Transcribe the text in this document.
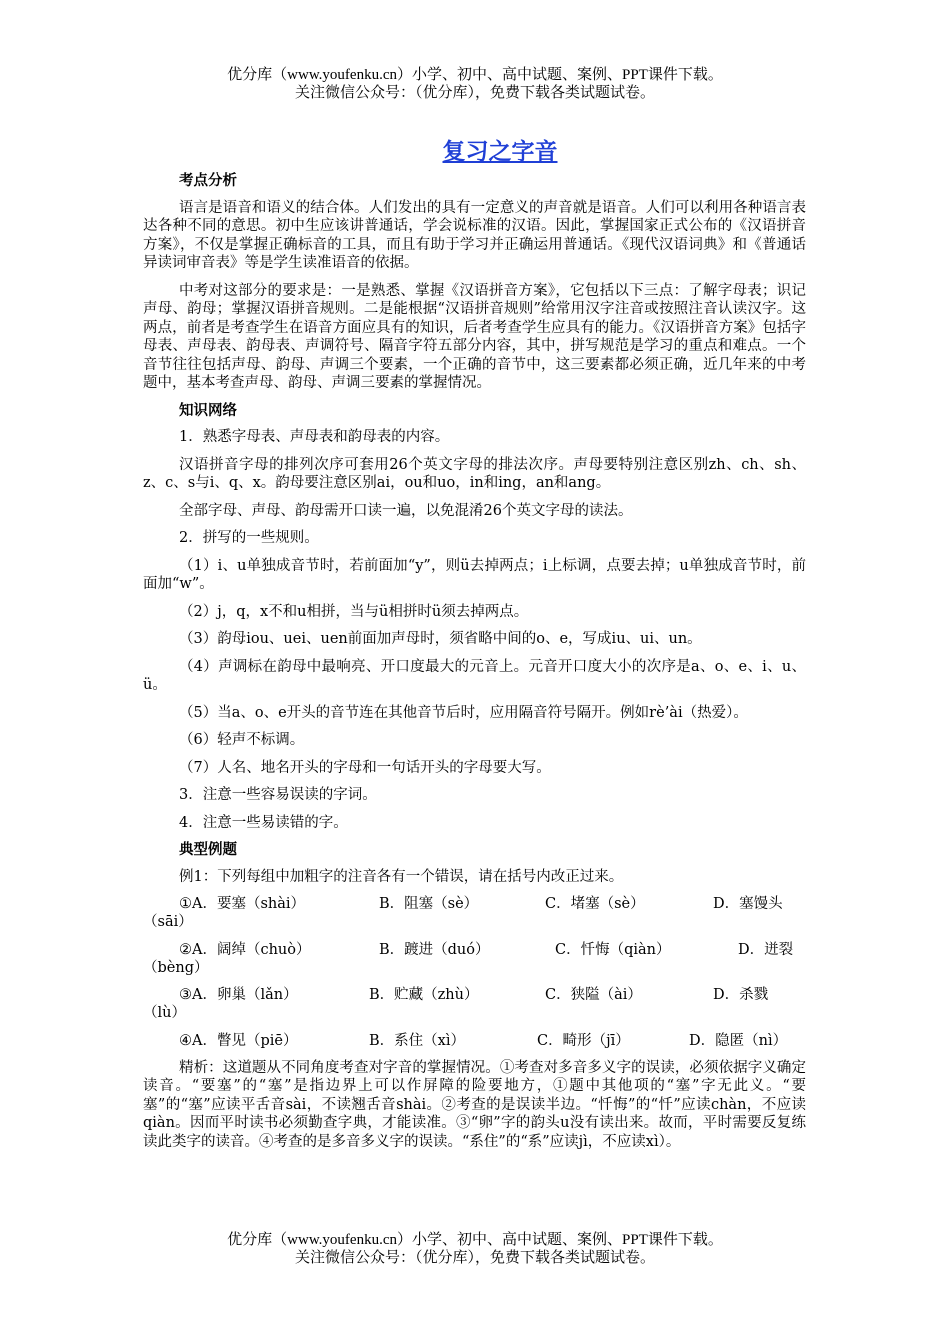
优分库（www.youfenku.cn）小学、初中、高中试题、案例、PPT课件下载。
关注微信公众号：（优分库），免费下载各类试题试卷。
复习之字音
考点分析
语言是语音和语义的结合体。人们发出的具有一定意义的声音就是语音。人们可以利用各种语言表达各种不同的意思。初中生应该讲普通话，学会说标准的汉语。因此，掌握国家正式公布的《汉语拼音方案》，不仅是掌握正确标音的工具，而且有助于学习并正确运用普通话。《现代汉语词典》和《普通话异读词审音表》等是学生读准语音的依据。
中考对这部分的要求是：一是熟悉、掌握《汉语拼音方案》，它包括以下三点：了解字母表；识记声母、韵母；掌握汉语拼音规则。二是能根据“汉语拼音规则”给常用汉字注音或按照注音认读汉字。这两点，前者是考查学生在语音方面应具有的知识，后者考查学生应具有的能力。《汉语拼音方案》包括字母表、声母表、韵母表、声调符号、隔音字符五部分内容，其中，拼写规范是学习的重点和难点。一个音节往往包括声母、韵母、声调三个要素，一个正确的音节中，这三要素都必须正确，近几年来的中考题中，基本考查声母、韵母、声调三要素的掌握情况。
知识网络
1．熟悉字母表、声母表和韵母表的内容。
汉语拼音字母的排列次序可套用26个英文字母的排法次序。声母要特别注意区别zh、ch、sh、z、c、s与i、q、x。韵母要注意区别ai，ou和uo，in和ing，an和ang。
全部字母、声母、韵母需开口读一遍，以免混淆26个英文字母的读法。
2．拼写的一些规则。
（1）i、u单独成音节时，若前面加“y”，则ü去掉两点；i上标调，点要去掉；u单独成音节时，前面加“w”。
（2）j，q，x不和u相拼，当与ü相拼时ü须去掉两点。
（3）韵母iou、uei、uen前面加声母时，须省略中间的o、e，写成iu、ui、un。
（4）声调标在韵母中最响亮、开口度最大的元音上。元音开口度大小的次序是a、o、e、i、u、ü。
（5）当a、o、e开头的音节连在其他音节后时，应用隔音符号隔开。例如rè’ài（热爱）。
（6）轻声不标调。
（7）人名、地名开头的字母和一句话开头的字母要大写。
3．注意一些容易误读的字词。
4．注意一些易读错的字。
典型例题
例1：下列每组中加粗字的注音各有一个错误，请在括号内改正过来。
①A．要塞（shài）	B．阻塞（sè）	C．堵塞（sè）	D．塞馒头
（sāi）
②A．阔绰（chuò）	B．踱进（duó）	C．忏悔（qiàn）	D．迸裂
（bèng）
③A．卵巢（lǎn）	B．贮藏（zhù）	C．狭隘（ài）	D．杀戮
（lù）
④A．瞥见（piē）	B．系住（xì）	C．畸形（jī）	D．隐匿（nì）
精析：这道题从不同角度考查对字音的掌握情况。①考查对多音多义字的误读，必须依据字义确定读音。“要塞”的“塞”是指边界上可以作屏障的险要地方，①题中其他项的“塞”字无此义。“要塞”的“塞”应读平舌音sài，不读翘舌音shài。②考查的是误读半边。“忏悔”的“忏”应读chàn，不应读qiàn。因而平时读书必须勤查字典，才能读准。③“卵”字的韵头u没有读出来。故而，平时需要反复练读此类字的读音。④考查的是多音多义字的误读。“系住”的“系”应读jì，不应读xì）。
优分库（www.youfenku.cn）小学、初中、高中试题、案例、PPT课件下载。
关注微信公众号：（优分库），免费下载各类试题试卷。
